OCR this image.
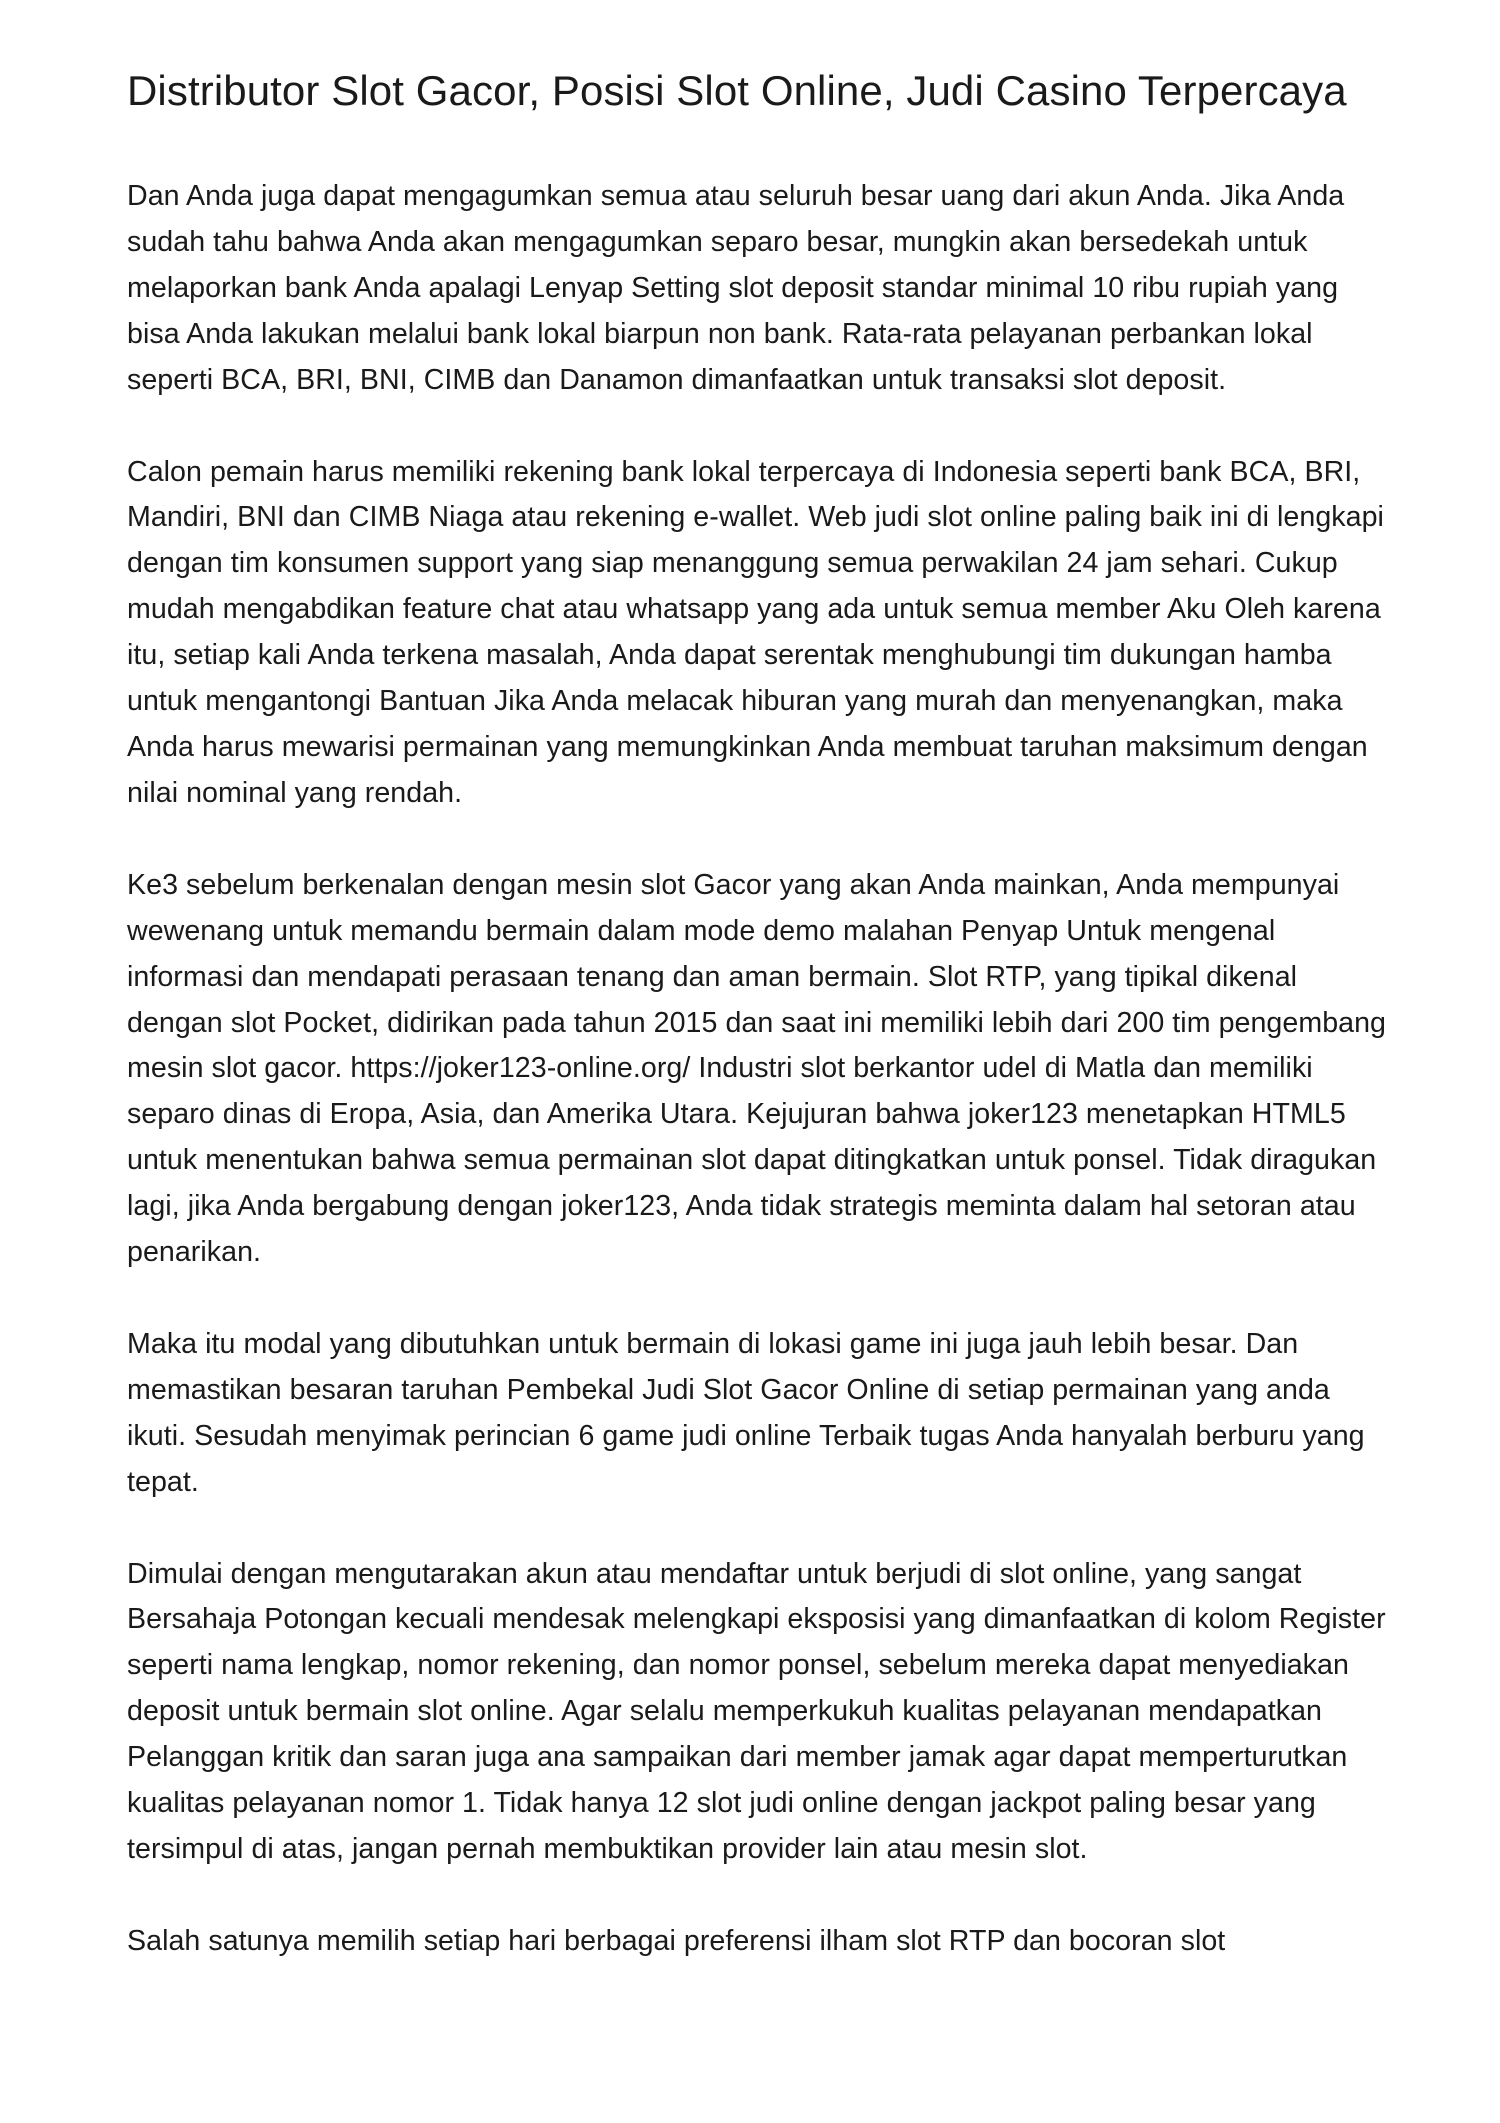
Distributor Slot Gacor, Posisi Slot Online, Judi Casino Terpercaya

Dan Anda juga dapat mengagumkan semua atau seluruh besar uang dari akun Anda. Jika Anda sudah tahu bahwa Anda akan mengagumkan separo besar, mungkin akan bersedekah untuk melaporkan bank Anda apalagi Lenyap Setting slot deposit standar minimal 10 ribu rupiah yang bisa Anda lakukan melalui bank lokal biarpun non bank. Rata-rata pelayanan perbankan lokal seperti BCA, BRI, BNI, CIMB dan Danamon dimanfaatkan untuk transaksi slot deposit.

Calon pemain harus memiliki rekening bank lokal terpercaya di Indonesia seperti bank BCA, BRI, Mandiri, BNI dan CIMB Niaga atau rekening e-wallet. Web judi slot online paling baik ini di lengkapi dengan tim konsumen support yang siap menanggung semua perwakilan 24 jam sehari. Cukup mudah mengabdikan feature chat atau whatsapp yang ada untuk semua member Aku Oleh karena itu, setiap kali Anda terkena masalah, Anda dapat serentak menghubungi tim dukungan hamba untuk mengantongi Bantuan Jika Anda melacak hiburan yang murah dan menyenangkan, maka Anda harus mewarisi permainan yang memungkinkan Anda membuat taruhan maksimum dengan nilai nominal yang rendah.

Ke3 sebelum berkenalan dengan mesin slot Gacor yang akan Anda mainkan, Anda mempunyai wewenang untuk memandu bermain dalam mode demo malahan Penyap Untuk mengenal informasi dan mendapati perasaan tenang dan aman bermain. Slot RTP, yang tipikal dikenal dengan slot Pocket, didirikan pada tahun 2015 dan saat ini memiliki lebih dari 200 tim pengembang mesin slot gacor. https://joker123-online.org/ Industri slot berkantor udel di Matla dan memiliki separo dinas di Eropa, Asia, dan Amerika Utara. Kejujuran bahwa joker123 menetapkan HTML5 untuk menentukan bahwa semua permainan slot dapat ditingkatkan untuk ponsel. Tidak diragukan lagi, jika Anda bergabung dengan joker123, Anda tidak strategis meminta dalam hal setoran atau penarikan.

Maka itu modal yang dibutuhkan untuk bermain di lokasi game ini juga jauh lebih besar. Dan memastikan besaran taruhan Pembekal Judi Slot Gacor Online di setiap permainan yang anda ikuti. Sesudah menyimak perincian 6 game judi online Terbaik tugas Anda hanyalah berburu yang tepat.

Dimulai dengan mengutarakan akun atau mendaftar untuk berjudi di slot online, yang sangat Bersahaja Potongan kecuali mendesak melengkapi eksposisi yang dimanfaatkan di kolom Register seperti nama lengkap, nomor rekening, dan nomor ponsel, sebelum mereka dapat menyediakan deposit untuk bermain slot online. Agar selalu memperkukuh kualitas pelayanan mendapatkan Pelanggan kritik dan saran juga ana sampaikan dari member jamak agar dapat memperturutkan kualitas pelayanan nomor 1. Tidak hanya 12 slot judi online dengan jackpot paling besar yang tersimpul di atas, jangan pernah membuktikan provider lain atau mesin slot.

Salah satunya memilih setiap hari berbagai preferensi ilham slot RTP dan bocoran slot
